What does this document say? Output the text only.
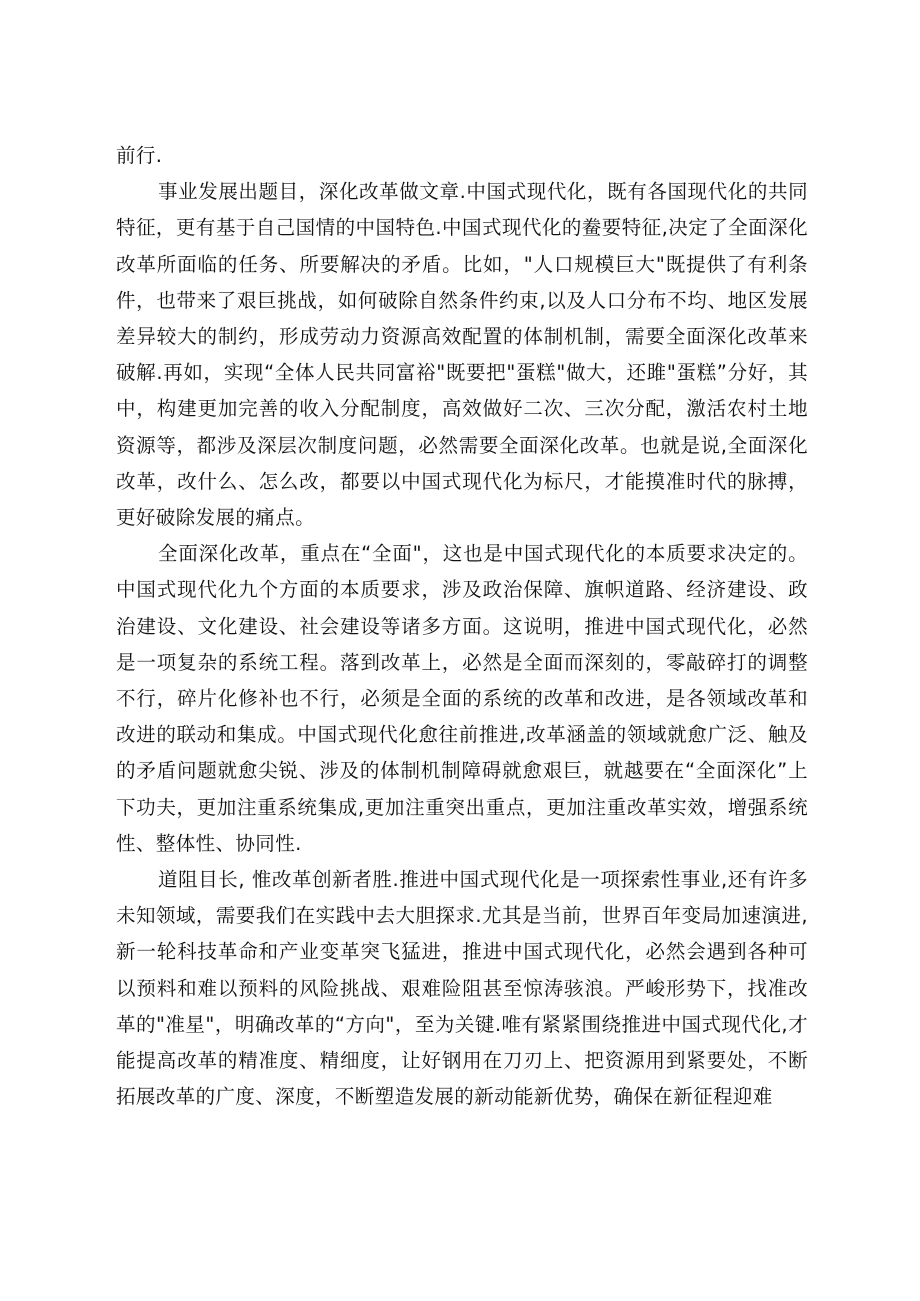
前行.

事业发展出题目，深化改革做文章.中国式现代化，既有各国现代化的共同特征，更有基于自己国情的中国特色.中国式现代化的鲞要特征,决定了全面深化改革所面临的任务、所要解决的矛盾。比如，"人口规模巨大"既提供了有利条件，也带来了艰巨挑战，如何破除自然条件约束,以及人口分布不均、地区发展差异较大的制约，形成劳动力资源高效配置的体制机制，需要全面深化改革来破解.再如，实现“全体人民共同富裕"既要把"蛋糕"做大，还雎"蛋糕”分好，其中，构建更加完善的收入分配制度，高效做好二次、三次分配，激活农村土地资源等，都涉及深层次制度问题，必然需要全面深化改革。也就是说,全面深化改革，改什么、怎么改，都要以中国式现代化为标尺，才能摸准时代的脉搏，更好破除发展的痛点。

全面深化改革，重点在“全面"，这也是中国式现代化的本质要求决定的。中国式现代化九个方面的本质要求，涉及政治保障、旗帜道路、经济建设、政治建设、文化建设、社会建设等诸多方面。这说明，推进中国式现代化，必然是一项复杂的系统工程。落到改革上，必然是全面而深刻的，零敲碎打的调整不行，碎片化修补也不行，必须是全面的系统的改革和改进，是各领域改革和改进的联动和集成。中国式现代化愈往前推进,改革涵盖的领域就愈广泛、触及的矛盾问题就愈尖锐、涉及的体制机制障碍就愈艰巨，就越要在“全面深化”上下功夫，更加注重系统集成,更加注重突出重点，更加注重改革实效，增强系统性、整体性、协同性.

道阻目长, 惟改革创新者胜.推进中国式现代化是一项探索性事业,还有许多未知领域，需要我们在实践中去大胆探求.尤其是当前，世界百年变局加速演进,新一轮科技革命和产业变革突飞猛进，推进中国式现代化，必然会遇到各种可以预料和难以预料的风险挑战、艰难险阻甚至惊涛骇浪。严峻形势下，找准改革的"准星"，明确改革的“方向"，至为关键.唯有紧紧围绕推进中国式现代化,才能提高改革的精准度、精细度，让好钢用在刀刃上、把资源用到紧要处，不断拓展改革的广度、深度，不断塑造发展的新动能新优势，确保在新征程迎难
